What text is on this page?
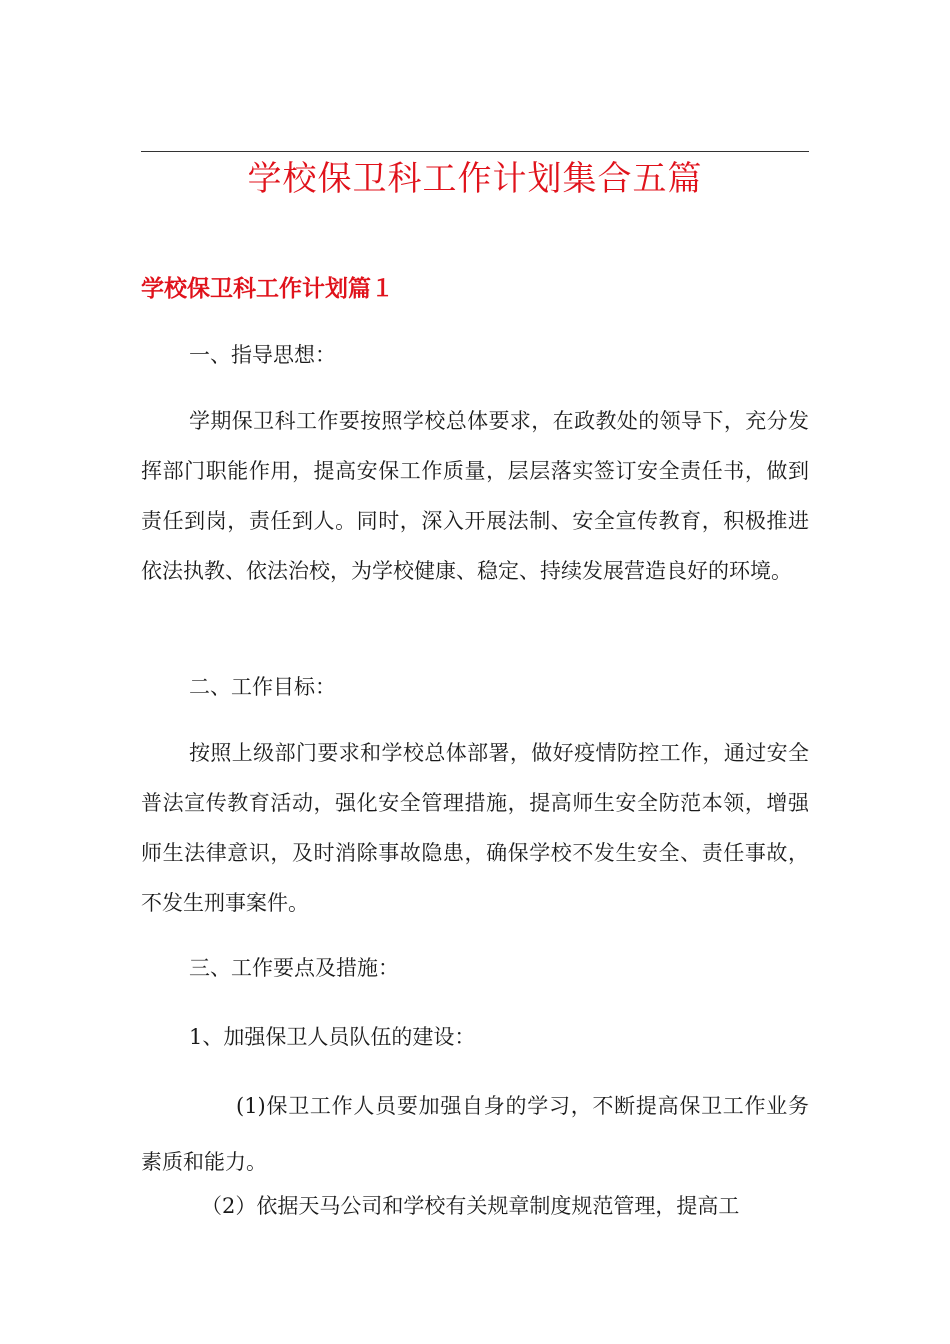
学校保卫科工作计划集合五篇
学校保卫科工作计划篇１

一、指导思想：

学期保卫科工作要按照学校总体要求，在政教处的领导下，充分发挥部门职能作用，提高安保工作质量，层层落实签订安全责任书，做到责任到岗，责任到人。同时，深入开展法制、安全宣传教育，积极推进依法执教、依法治校，为学校健康、稳定、持续发展营造良好的环境。

二、工作目标：

按照上级部门要求和学校总体部署，做好疫情防控工作，通过安全普法宣传教育活动，强化安全管理措施，提高师生安全防范本领，增强师生法律意识，及时消除事故隐患，确保学校不发生安全、责任事故，不发生刑事案件。

三、工作要点及措施：

1、加强保卫人员队伍的建设：

(1)保卫工作人员要加强自身的学习，不断提高保卫工作业务素质和能力。

（2）依据天马公司和学校有关规章制度规范管理，提高工
